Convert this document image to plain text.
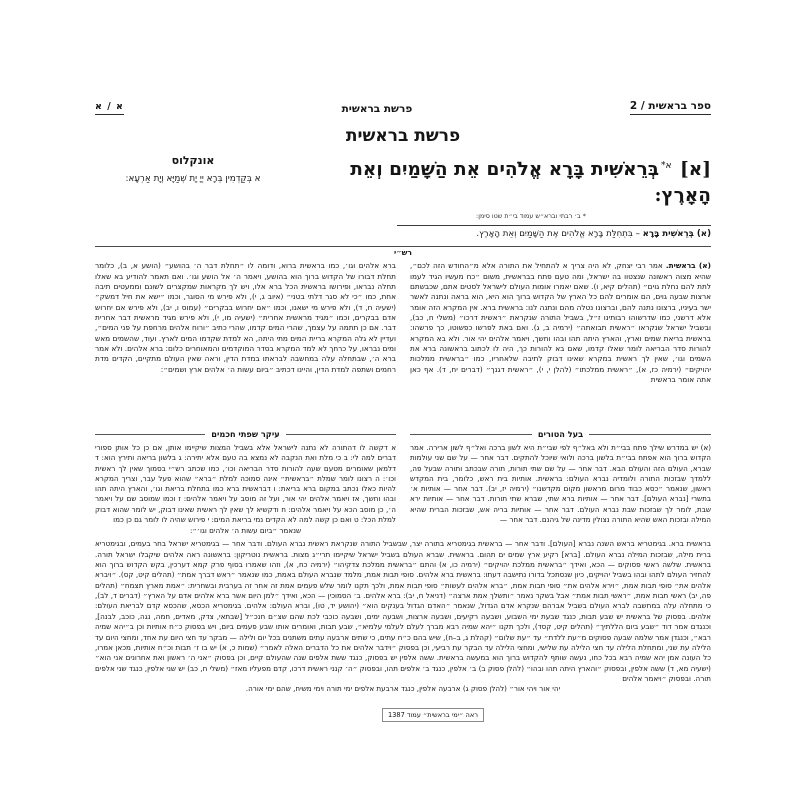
ספר בראשית / 2
פרשת בראשית
א / א
פרשת בראשית
[א] $^{א*}$בְּרֵאשִׁית בָּרָא אֱלֹהִים אֵת הַשָּׁמַיִם וְאֵת הָאָרֶץ:
אונקלוס
א בְּקַדְמִין בְּרָא יְיָ יָת שְׁמַיָּא וְיָת אַרְעָא:
* ב׳ רבתי וברא״ש עמוד בי״ת שטו סימן:
(א) בְּרֵאשִׁית בָּרָא – בִּתְחִלַּת בָּרָא אֱלֹהִים אֶת הַשָּׁמַיִם וְאֵת הָאָרֶץ.
רש״י
(א) בראשית. אמר רבי יצחק, לא היה צריך א להתחיל את התורה אלא מ״החודש הזה לכם״, שהיא מצוה ראשונה שנצטוו בה ישראל, ומה טעם פתח בבראשית, משום ״כח מעשיו הגיד לעמו לתת להם נחלת גוים״ (תהלים קיא, ו). שאם יאמרו אומות העולם לישראל לסטים אתם, שכבשתם ארצות שבעה גוים, הם אומרים להם כל הארץ של הקדוש ברוך הוא היא, הוא בראה ונתנה לאשר ישר בעיניו, ברצונו נתנה להם, וברצונו נטלה מהם ונתנה לנו: בראשית ברא. אין המקרא הזה אומר אלא דרשני, כמו שדרשוהו רבותינו ז״ל, בשביל התורה שנקראת ״ראשית דרכו״ (משלי ח, כב), ובשביל ישראל שנקראו ״ראשית תבואתה״ (ירמיה ב, ג). ואם באת לפרשו כפשוטו, כך פרשהו: בראשית בריאת שמים וארץ, והארץ היתה תהו ובהו וחשך, ויאמר אלהים יהי אור. ולא בא המקרא להורות סדר הבריאה לומר שאלו קדמו, שאם בא להורות כך, היה לו לכתוב בראשונה ברא את השמים וגו׳, שאין לך ראשית במקרא שאינו דבוק לתיבה שלאחריו, כמו ״בראשית ממלכות יהויקים״ (ירמיה כז, א), ״ראשית ממלכתו״ (להלן י, י), ״ראשית דגנך״ (דברים יח, ד). אף כאן אתה אומר בראשית
ברא אלהים וגו׳, כמו בראשית ברוא, ודומה לו ״תחלת דבר ה׳ בהושע״ (הושע א, ב), כלומר תחלת דבורו של הקדוש ברוך הוא בהושע, ויאמר ה׳ אל הושע וגו׳. ואם תאמר להודיע בא שאלו תחלה נבראו, ופירושו בראשית הכל ברא אלו, ויש לך מקראות שמקצרים לשונם וממעטים תיבה אחת, כמו ״כי לא סגר דלתי בטני״ (איוב ג, י), ולא פירש מי הסוגר, וכמו ״ישא את חיל דמשק״ (ישעיה ח, ד), ולא פירש מי ישאנו, וכמו ״אם יחרוש בבקרים״ (עמוס ו, יב), ולא פירש אם יחרוש אדם בבקרים, וכמו ״מגיד מראשית אחרית״ (ישעיה מו, י), ולא פירש מגיד מראשית דבר אחרית דבר. אם כן תתמה על עצמך, שהרי המים קדמו, שהרי כתיב ״ורוח אלהים מרחפת על פני המים״, ועדיין לא גלה המקרא בריית המים מתי היתה, הא למדת שקדמו המים לארץ. ועוד, שהשמים מאש ומים נבראו, על כרחך לא למד המקרא בסדר המוקדמים והמאוחרים כלום: ברא אלהים. ולא אמר ברא ה׳, שבתחלה עלה במחשבה לבראתו במדת הדין, וראה שאין העולם מתקיים, הקדים מדת רחמים ושתפה למדת הדין, והיינו דכתיב ״ביום עשות ה׳ אלהים ארץ ושמים״:
בעל הטורים
(א) יש במדרש שילך פתח בבי״ת ולא באל״ף לפי שבי״ת היא לשון ברכה ואל״ף לשון ארירה. אמר הקדוש ברוך הוא אפתח בבי״ת בלשון ברכה ולואי שיוכל להתקים. דבר אחר — על שם שני עולמות שברא, העולם הזה והעולם הבא. דבר אחר — על שם שתי תורות, תורה שבכתב ותורה שבעל פה, ללמדך שבזכות התורה ולומדיה נברא העולם: בראשית. אותיות בית ראש, כלומר, בית המקדש ראשון, שנאמר ״כסא כבוד מרום מראשון מקום מקדשנו״ (ירמיה יז, יב). דבר אחר — אותיות א׳ בתשרי [נברא העולם]. דבר אחר — אותיות ברא שתי, שברא שתי תורות. דבר אחר — אותיות ירא שבת, לומר לך שבזכות שבת נברא העולם. דבר אחר — אותיות בריה אש, שבזכות הברית שהיא המילה ובזכות האש שהיא התורה נצולין מדינה של גיהנם. דבר אחר —
עיקר שפתי חכמים
א דקשה לו דהתורה לא נתנה לישראל אלא בשביל המצות שיקיימו אותן, אם כן כל אותן ספורי דברים למה לי: ב כי מלת ואת הנקבה לא נמצא בה טעם אלא יתירה: ג בלשון בריאה ותירץ הוא: ד דלמאן שאומרים מטעם שעה להורות סדר הבריאה וכו׳, כמו שכתב רש״י בסמוך שאין לך ראשית וכו׳: ה רצונו לומר שמלת ״בראשית״ אינה סמוכה למלת ״ברא״ שהוא פעל עבר, וצריך המקרא להיות כאלו נכתב במקום ברא בריאת: ו דבראשית ברא כמו בתחלת בריאת וגו׳, והארץ היתה תהו ובהו וחשך, אז ויאמר אלהים יהי אור, ועל זה מוסב על ויאמר אלהים: ז וכמו שמוסב שם על ויאמר ה׳, כן מוסב הכא על ויאמר אלהים: ח ודקשיא לך שאין לך ראשית שאינו דבוק, יש לומר שהוא דבוק למלת הכל: ט ואם כן קשה למה לא הקדים נמי בריאת המים: י פירוש שהיה לו לומר גם כן כמו
שנאמר ״ביום עשות ה׳ אלהים וגו׳״:
בראשית ברא. בגימטריא בראש השנה נברא [העולם]. ודבר אחר — בראשית בגימטריא בתורה יצר, שבשביל התורה שנקראת ראשית נברא העולם. ודבר אחר — בגימטריא ישראל בחר בעמים, ובגימטריא ברית מילה, שבזכות המילה נברא העולם. [ברא] רקיע ארץ שמים ים תהום. בראשית. שברא העולם בשביל ישראל שיקיימו תרי״ג מצות. בראשית נוטריקון: בראשונה ראה אלהים שיקבלו ישראל תורה. בראשית. שלשה ראשי פסוקים — הכא, ואידך ״בראשית ממלכת יהויקים״ (ירמיה כו, א) והתם ״בראשית ממלכת צדקיהו״ (ירמיה כח, א), וזהו שאמרו בסוף פרק קמא דערכין, בקש הקדוש ברוך הוא להחזיר העולם לתהו ובהו בשביל יהויקים, כיון שנסתכל בדורו נתישבה דעתו: בראשית ברא אלהים. סופי תבות אמת, מלמד שנברא העולם באמת, כמו שנאמר ״ראש דברך אמת״ (תהלים קיט, קס). ״ויברא אלהים את״ סופי תבות אמת, ״וירא אלהים את״ סופי תבות אמת, ״ברא אלהים לעשות״ סופי תבות אמת, ולכך תקנו לומר שלש פעמים אמת זה אחר זה בערבית ובשחרית: ״אמת מארץ תצמח״ (תהלים פה, יב) ראשי תבות אמת, ״ראשי תבות אמת״ אבל בשקר נאמר ״ותשלך אמת ארצה״ (דניאל ח, יב): ברא אלהים. ב׳ הסמוכין — הכא, ואידך ״למן היום אשר ברא אלהים אדם על הארץ״ (דברים ד, לב), כי מתחלה עלה במחשבה לברא העולם בשביל אברהם שנקרא אדם הגדול, שנאמר ״האדם הגדול בענקים הוא״ (יהושע יד, טו), וברא העולם: אלהים. בגימטריא הכסא, שהכסא קדם לבריאת העולם: אלהים. בפסוק של בראשית יש שבע תבות, כנגד שבעת ימי השבוע, ושבעה רקיעים, ושבעה ארצות, ושבעה ימים, ושבעה כוכבי לכת שהם שצ״ם חנכ״ל [שבתאי, צדק, מאדים, חמה, נגה, כוכב, לבנה], וכנגדם אמר דוד ״שבע ביום הללתיך״ (תהלים קיט, קסד), ולכך תקנו ״יהא שמיה רבא מברך לעלם לעלמי עלמיא״, שבע תבות, ואומרים אותו שבע פעמים ביום, ויש בפסוק כ״ח אותיות וכן ב״יהא שמיה רבא״, וכנגדן אמר שלמה שבעה פסוקים מ״עת ללדת״ עד ״עת שלום״ (קהלת ג, ב–ח), שיש בהם כ״ח עתים, כי שתים ארבעה עתים משתנים בכל יום ולילה — מבקר עד חצי היום עת אחד, ומחצי היום עד הלילה עת שני, ומתחלת הלילה עד חצי הלילה עת שלישי, ומחצי הלילה עד הבקר עת רביעי, וכן בפסוק ״וידבר אלהים את כל הדברים האלה לאמר״ (שמות כ, א) יש בו ז׳ תבות וכ״ח אותיות, מכאן אמרו, כל העונה אמן יהא שמיה רבא בכל כחו, נעשה שותף להקדוש ברוך הוא במעשה בראשית. ששה אלפין יש בפסוק, כנגד ששת אלפים שנה שהעולם קיים, וכן בפסוק ״אני ה׳ ראשון ואת אחרונים אני הוא״ (ישעיה מא, ד) ששה אלפין, ובפסוק ״והארץ היתה תהו ובהו״ (להלן פסוק ב) ב׳ אלפין, כנגד ב׳ אלפים תהו, ובפסוק ״ה׳ קנני ראשית דרכו, קדם מפעליו מאז״ (משלי ח, כב) יש שני אלפין, כנגד שני אלפים תורה. ובפסוק ״ויאמר אלהים
יהי אור ויהי אור״ (להלן פסוק ג) ארבעה אלפין, כנגד ארבעת אלפים ימי תורה וימי משיח, שהם ימי אורה.
ראה ״ימי בראשית״ עמוד 1387
